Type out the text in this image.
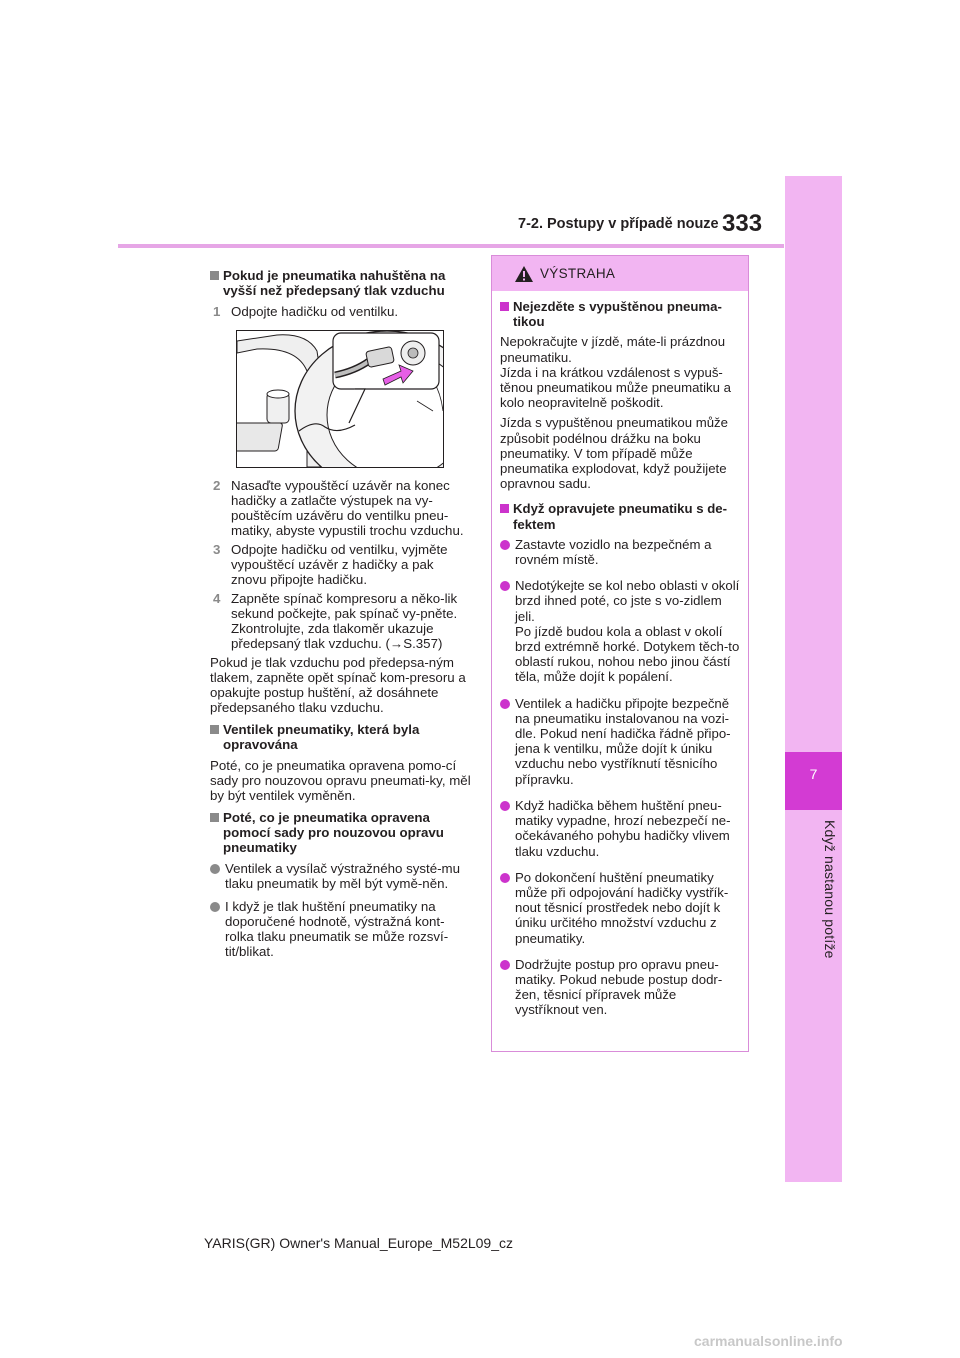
7-2. Postupy v případě nouze 333
7
Když nastanou potíže

Pokud je pneumatika nahuštěna na vyšší než předepsaný tlak vzduchu

1 Odpojte hadičku od ventilku.
2 Nasaďte vypouštěcí uzávěr na konec hadičky a zatlačte výstupek na vy-pouštěcím uzávěru do ventilku pneu-matiky, abyste vypustili trochu vzduchu.
3 Odpojte hadičku od ventilku, vyjměte vypouštěcí uzávěr z hadičky a pak znovu připojte hadičku.
4 Zapněte spínač kompresoru a něko-lik sekund počkejte, pak spínač vy-pněte. Zkontrolujte, zda tlakoměr ukazuje předepsaný tlak vzduchu. (→S.357)

Pokud je tlak vzduchu pod předepsa-ným tlakem, zapněte opět spínač kom-presoru a opakujte postup huštění, až dosáhnete předepsaného tlaku vzduchu.

Ventilek pneumatiky, která byla opravována

Poté, co je pneumatika opravena pomo-cí sady pro nouzovou opravu pneumati-ky, měl by být ventilek vyměněn.

Poté, co je pneumatika opravena pomocí sady pro nouzovou opravu pneumatiky

Ventilek a vysílač výstražného systé-mu tlaku pneumatik by měl být vymě-něn.
I když je tlak huštění pneumatiky na doporučené hodnotě, výstražná kont-rolka tlaku pneumatik se může rozsví-tit/blikat.
VÝSTRAHA

Nejezděte s vypuštěnou pneuma-tikou

Nepokračujte v jízdě, máte-li prázdnou pneumatiku.

Jízda i na krátkou vzdálenost s vypuš-těnou pneumatikou může pneumatiku a kolo neopravitelně poškodit.

Jízda s vypuštěnou pneumatikou může způsobit podélnou drážku na boku pneumatiky. V tom případě může pneumatika explodovat, když použijete opravnou sadu.

Když opravujete pneumatiku s de-fektem

Zastavte vozidlo na bezpečném a rovném místě.
Nedotýkejte se kol nebo oblasti v okolí brzd ihned poté, co jste s vo-zidlem jeli.
Po jízdě budou kola a oblast v okolí brzd extrémně horké. Dotykem těch-to oblastí rukou, nohou nebo jinou částí těla, může dojít k popálení.
Ventilek a hadičku připojte bezpečně na pneumatiku instalovanou na vozi-dle. Pokud není hadička řádně připo-jena k ventilku, může dojít k úniku vzduchu nebo vystříknutí těsnicího přípravku.
Když hadička během huštění pneu-matiky vypadne, hrozí nebezpečí ne-očekávaného pohybu hadičky vlivem tlaku vzduchu.
Po dokončení huštění pneumatiky může při odpojování hadičky vystřík-nout těsnicí prostředek nebo dojít k úniku určitého množství vzduchu z pneumatiky.
Dodržujte postup pro opravu pneu-matiky. Pokud nebude postup dodr-žen, těsnicí přípravek může vystříknout ven.
YARIS(GR) Owner's Manual_Europe_M52L09_cz
carmanualsonline.info
